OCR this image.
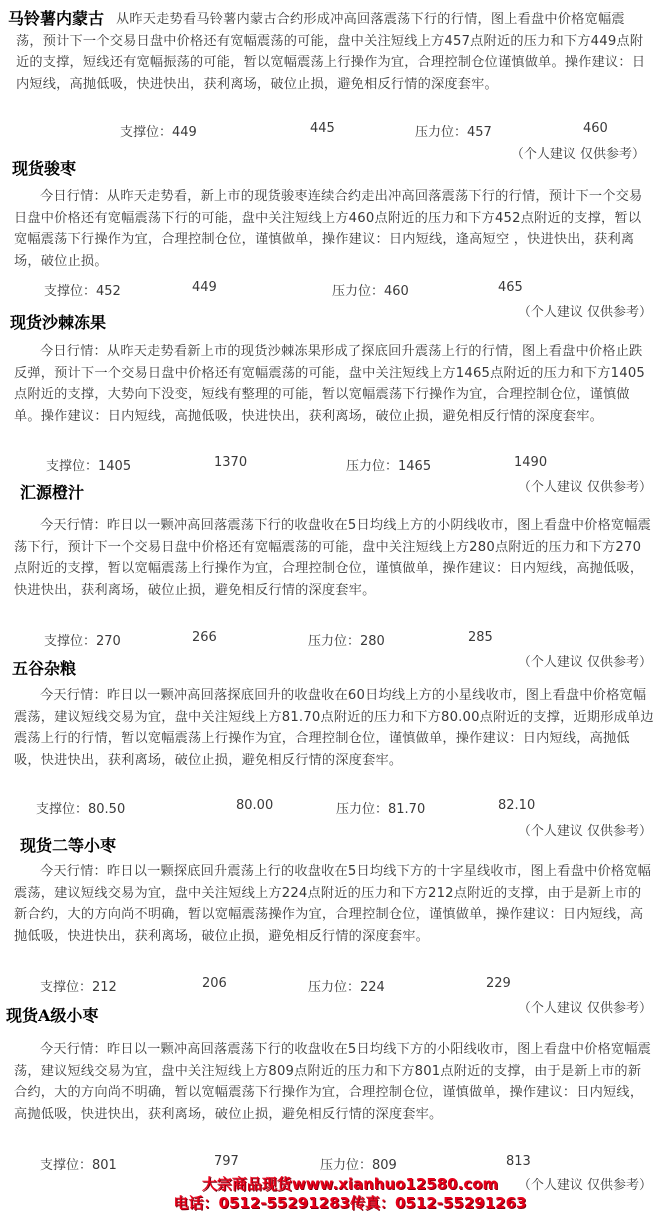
马铃薯内蒙古 从昨天走势看马铃薯内蒙古合约形成冲高回落震荡下行的行情，图上看盘中价格宽幅震荡，预计下一个交易日盘中价格还有宽幅震荡的可能，盘中关注短线上方457点附近的压力和下方449点附近的支撑，短线还有宽幅振荡的可能，暂以宽幅震荡上行操作为宜，合理控制仓位谨慎做单。操作建议：日内短线，高抛低吸，快进快出，获利离场，破位止损，避免相反行情的深度套牢。
支撑位：449	445	压力位：457	460
（个人建议 仅供参考）
现货骏枣
今日行情：从昨天走势看，新上市的现货骏枣连续合约走出冲高回落震荡下行的行情，预计下一个交易日盘中价格还有宽幅震荡下行的可能，盘中关注短线上方460点附近的压力和下方452点附近的支撑，暂以宽幅震荡下行操作为宜，合理控制仓位，谨慎做单，操作建议：日内短线，逢高短空 ，快进快出，获利离场，破位止损。
支撑位：452	449	压力位：460	465
（个人建议 仅供参考）
现货沙棘冻果
今日行情：从昨天走势看新上市的现货沙棘冻果形成了探底回升震荡上行的行情，图上看盘中价格止跌反弹，预计下一个交易日盘中价格还有宽幅震荡的可能，盘中关注短线上方1465点附近的压力和下方1405点附近的支撑，大势向下没变，短线有整理的可能，暂以宽幅震荡下行操作为宜，合理控制仓位，谨慎做单。操作建议：日内短线，高抛低吸，快进快出，获利离场，破位止损，避免相反行情的深度套牢。
支撑位：1405	1370	压力位：1465	1490
（个人建议 仅供参考）
汇源橙汁
今天行情：昨日以一颗冲高回落震荡下行的收盘收在5日均线上方的小阴线收市，图上看盘中价格宽幅震荡下行，预计下一个交易日盘中价格还有宽幅震荡的可能，盘中关注短线上方280点附近的压力和下方270点附近的支撑，暂以宽幅震荡上行操作为宜，合理控制仓位，谨慎做单，操作建议：日内短线，高抛低吸，快进快出，获利离场，破位止损，避免相反行情的深度套牢。
支撑位：270	266	压力位：280	285
（个人建议 仅供参考）
五谷杂粮
今天行情：昨日以一颗冲高回落探底回升的收盘收在60日均线上方的小星线收市，图上看盘中价格宽幅震荡，建议短线交易为宜，盘中关注短线上方81.70点附近的压力和下方80.00点附近的支撑，近期形成单边震荡上行的行情，暂以宽幅震荡上行操作为宜，合理控制仓位，谨慎做单，操作建议：日内短线，高抛低吸，快进快出，获利离场，破位止损，避免相反行情的深度套牢。
支撑位：80.50	80.00	压力位：81.70	82.10
（个人建议 仅供参考）
现货二等小枣
今天行情：昨日以一颗探底回升震荡上行的收盘收在5日均线下方的十字星线收市，图上看盘中价格宽幅震荡，建议短线交易为宜，盘中关注短线上方224点附近的压力和下方212点附近的支撑，由于是新上市的新合约，大的方向尚不明确，暂以宽幅震荡操作为宜，合理控制仓位，谨慎做单，操作建议：日内短线，高抛低吸，快进快出，获利离场，破位止损，避免相反行情的深度套牢。
支撑位：212	206	压力位：224	229
（个人建议 仅供参考）
现货A级小枣
今天行情：昨日以一颗冲高回落震荡下行的收盘收在5日均线下方的小阳线收市，图上看盘中价格宽幅震荡，建议短线交易为宜，盘中关注短线上方809点附近的压力和下方801点附近的支撑，由于是新上市的新合约，大的方向尚不明确，暂以宽幅震荡下行操作为宜，合理控制仓位，谨慎做单，操作建议：日内短线，高抛低吸，快进快出，获利离场，破位止损，避免相反行情的深度套牢。
支撑位：801	797	压力位：809	813
（个人建议 仅供参考）
大宗商品现货www.xianhuo12580.com
电话：0512-55291283传真：0512-55291263
